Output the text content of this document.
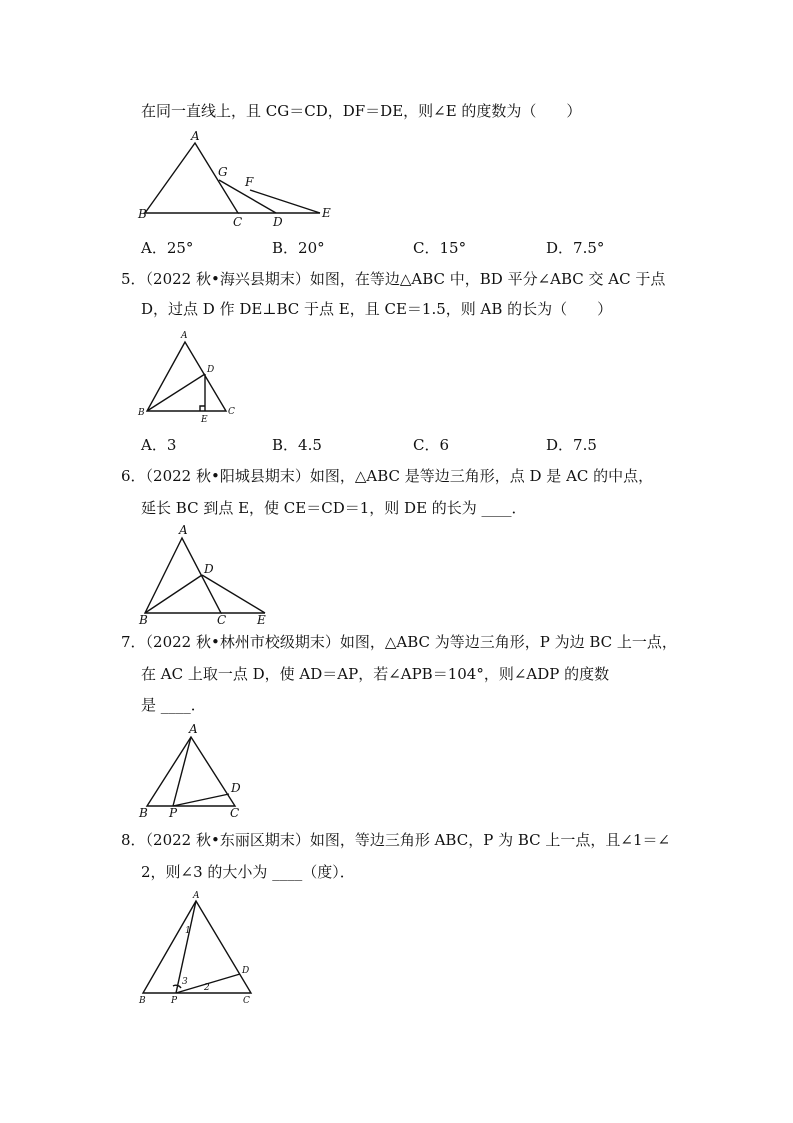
在同一直线上，且 CG＝CD，DF＝DE，则∠E 的度数为（　　）
A
B
C	D
E
F
G
A．25°	B．20°	C．15°	D．7.5°
5．（2022 秋•海兴县期末）如图，在等边△ABC 中，BD 平分∠ABC 交 AC 于点
D，过点 D 作 DE⊥BC 于点 E，且 CE＝1.5，则 AB 的长为（　　）
A
B	C
D
E
A．3	B．4.5	C．6	D．7.5
6．（2022 秋•阳城县期末）如图，△ABC 是等边三角形，点 D 是 AC 的中点，
延长 BC 到点 E，使 CE＝CD＝1，则 DE 的长为 ____．
A
B	C
D
E
7．（2022 秋•林州市校级期末）如图，△ABC 为等边三角形，P 为边 BC 上一点，
在 AC 上取一点 D，使 AD＝AP，若∠APB＝104°，则∠ADP 的度数
是 ____．
A
B	C
D
P
8．（2022 秋•东丽区期末）如图，等边三角形 ABC，P 为 BC 上一点，且∠1＝∠
2，则∠3 的大小为 ____（度）．
A
B	C
D
P
1
2
3
